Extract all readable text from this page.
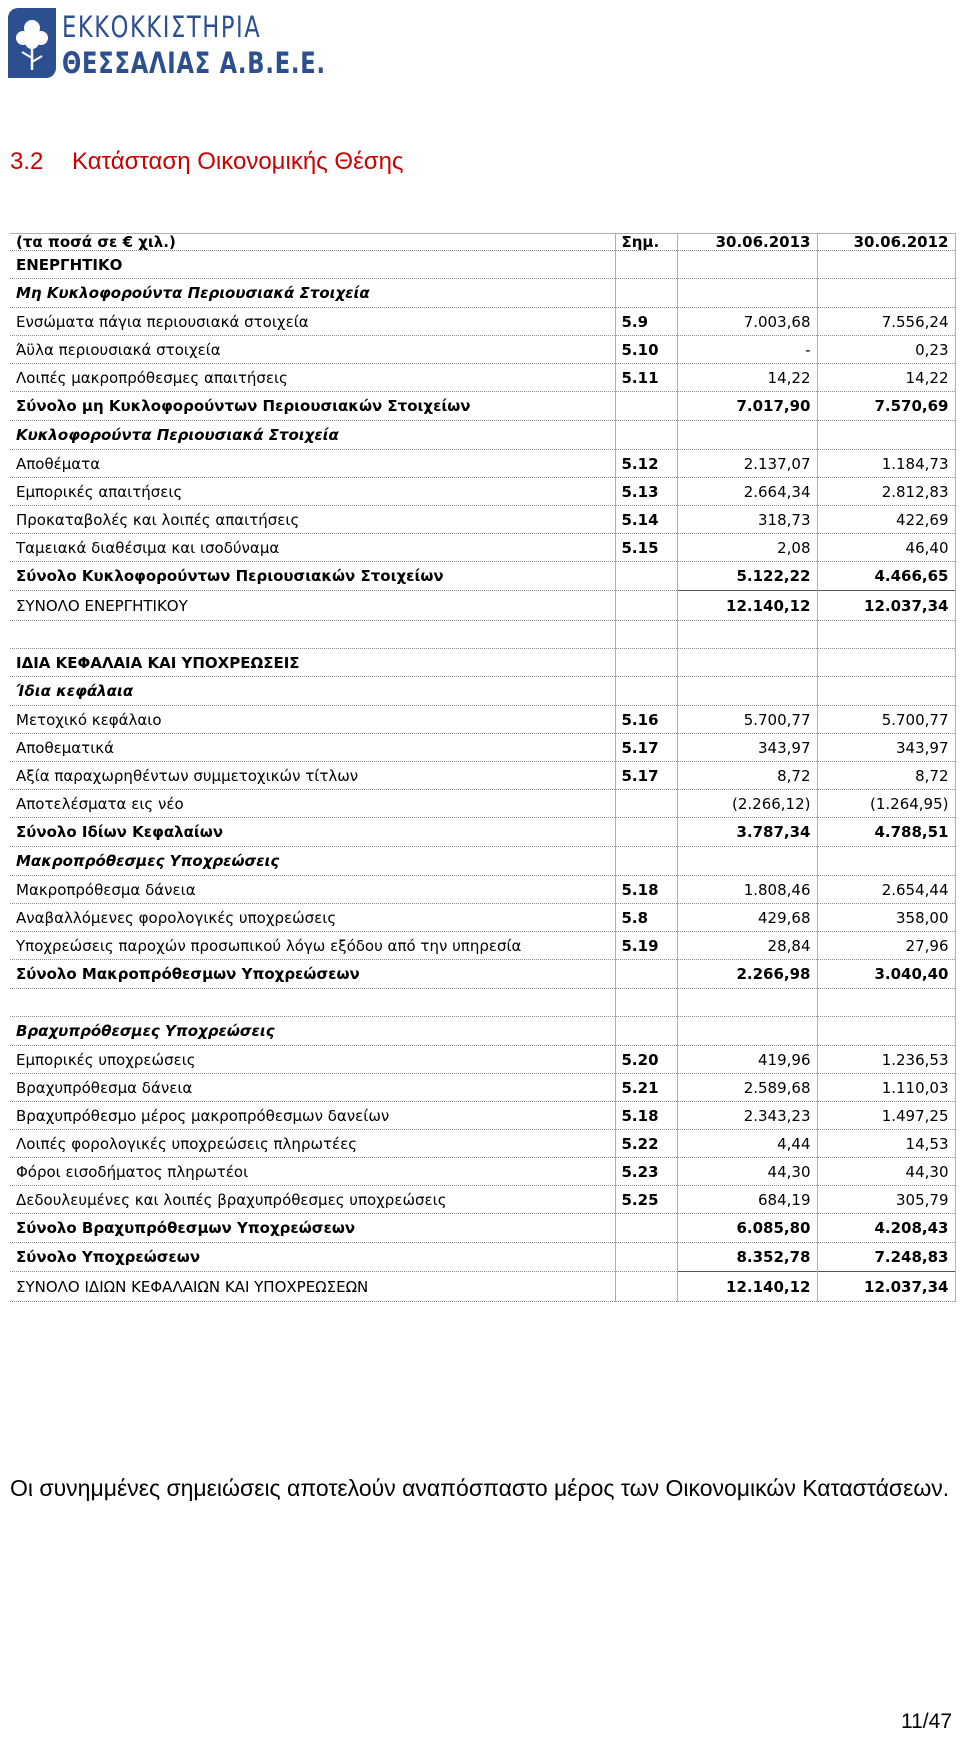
ΕΚΚΟΚΚΙΣΤΗΡΙΑ
ΘΕΣΣΑΛΙΑΣ Α.Β.Ε.Ε.
3.2 Κατάσταση Οικονομικής Θέσης
(τα ποσά σε € χιλ.)	Σημ.	30.06.2013	30.06.2012
ΕΝΕΡΓΗΤΙΚΟ			
Μη Κυκλοφορούντα Περιουσιακά Στοιχεία			
Ενσώματα πάγια περιουσιακά στοιχεία	5.9	7.003,68	7.556,24
Άϋλα περιουσιακά στοιχεία	5.10	-	0,23
Λοιπές μακροπρόθεσμες απαιτήσεις	5.11	14,22	14,22
Σύνολο μη Κυκλοφορούντων Περιουσιακών Στοιχείων		7.017,90	7.570,69
Κυκλοφορούντα Περιουσιακά Στοιχεία			
Αποθέματα	5.12	2.137,07	1.184,73
Εμπορικές απαιτήσεις	5.13	2.664,34	2.812,83
Προκαταβολές και λοιπές απαιτήσεις	5.14	318,73	422,69
Ταμειακά διαθέσιμα και ισοδύναμα	5.15	2,08	46,40
Σύνολο Κυκλοφορούντων Περιουσιακών Στοιχείων		5.122,22	4.466,65
ΣΥΝΟΛΟ ΕΝΕΡΓΗΤΙΚΟΥ		12.140,12	12.037,34

ΙΔΙΑ ΚΕΦΑΛΑΙΑ ΚΑΙ ΥΠΟΧΡΕΩΣΕΙΣ			
Ίδια κεφάλαια			
Μετοχικό κεφάλαιο	5.16	5.700,77	5.700,77
Αποθεματικά	5.17	343,97	343,97
Αξία παραχωρηθέντων συμμετοχικών τίτλων	5.17	8,72	8,72
Αποτελέσματα εις νέο		(2.266,12)	(1.264,95)
Σύνολο Ιδίων Κεφαλαίων		3.787,34	4.788,51
Μακροπρόθεσμες Υποχρεώσεις			
Μακροπρόθεσμα δάνεια	5.18	1.808,46	2.654,44
Αναβαλλόμενες φορολογικές υποχρεώσεις	5.8	429,68	358,00
Υποχρεώσεις παροχών προσωπικού λόγω εξόδου από την υπηρεσία	5.19	28,84	27,96
Σύνολο Μακροπρόθεσμων Υποχρεώσεων		2.266,98	3.040,40

Βραχυπρόθεσμες Υποχρεώσεις			
Εμπορικές υποχρεώσεις	5.20	419,96	1.236,53
Βραχυπρόθεσμα δάνεια	5.21	2.589,68	1.110,03
Βραχυπρόθεσμο μέρος μακροπρόθεσμων δανείων	5.18	2.343,23	1.497,25
Λοιπές φορολογικές υποχρεώσεις πληρωτέες	5.22	4,44	14,53
Φόροι εισοδήματος πληρωτέοι	5.23	44,30	44,30
Δεδουλευμένες και λοιπές βραχυπρόθεσμες υποχρεώσεις	5.25	684,19	305,79
Σύνολο Βραχυπρόθεσμων Υποχρεώσεων		6.085,80	4.208,43
Σύνολο Υποχρεώσεων		8.352,78	7.248,83
ΣΥΝΟΛΟ ΙΔΙΩΝ ΚΕΦΑΛΑΙΩΝ ΚΑΙ ΥΠΟΧΡΕΩΣΕΩΝ		12.140,12	12.037,34
Οι συνημμένες σημειώσεις αποτελούν αναπόσπαστο μέρος των Οικονομικών Καταστάσεων.
11/47
